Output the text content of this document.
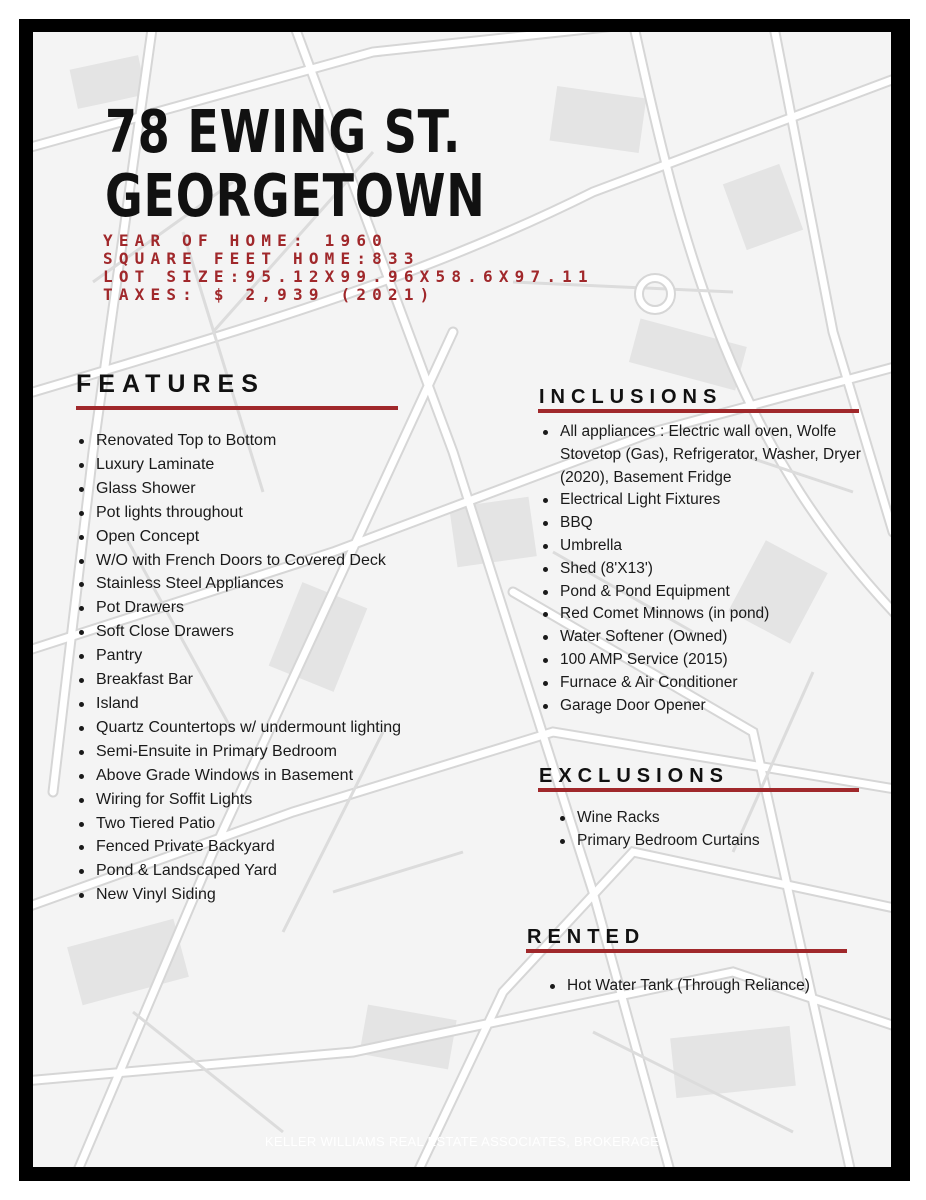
78 EWING ST.
GEORGETOWN
YEAR OF HOME: 1960
SQUARE FEET HOME:833
LOT SIZE:95.12X99.96X58.6X97.11
TAXES: $ 2,939 (2021)
FEATURES
Renovated Top to Bottom
Luxury Laminate
Glass Shower
Pot lights throughout
Open Concept
W/O with French Doors to Covered Deck
Stainless Steel Appliances
Pot Drawers
Soft Close Drawers
Pantry
Breakfast Bar
Island
Quartz Countertops w/ undermount lighting
Semi-Ensuite in Primary Bedroom
Above Grade Windows in Basement
Wiring for Soffit Lights
Two Tiered Patio
Fenced Private Backyard
Pond & Landscaped Yard
New Vinyl Siding
INCLUSIONS
All appliances : Electric wall oven, Wolfe Stovetop (Gas), Refrigerator, Washer, Dryer (2020), Basement Fridge
Electrical Light Fixtures
BBQ
Umbrella
Shed (8'X13')
Pond & Pond Equipment
Red Comet Minnows (in pond)
Water Softener (Owned)
100 AMP Service (2015)
Furnace & Air Conditioner
Garage Door Opener
EXCLUSIONS
Wine Racks
Primary Bedroom Curtains
RENTED
Hot Water Tank (Through Reliance)
KELLER WILLIAMS REAL ESTATE ASSOCIATES, BROKERAGE
